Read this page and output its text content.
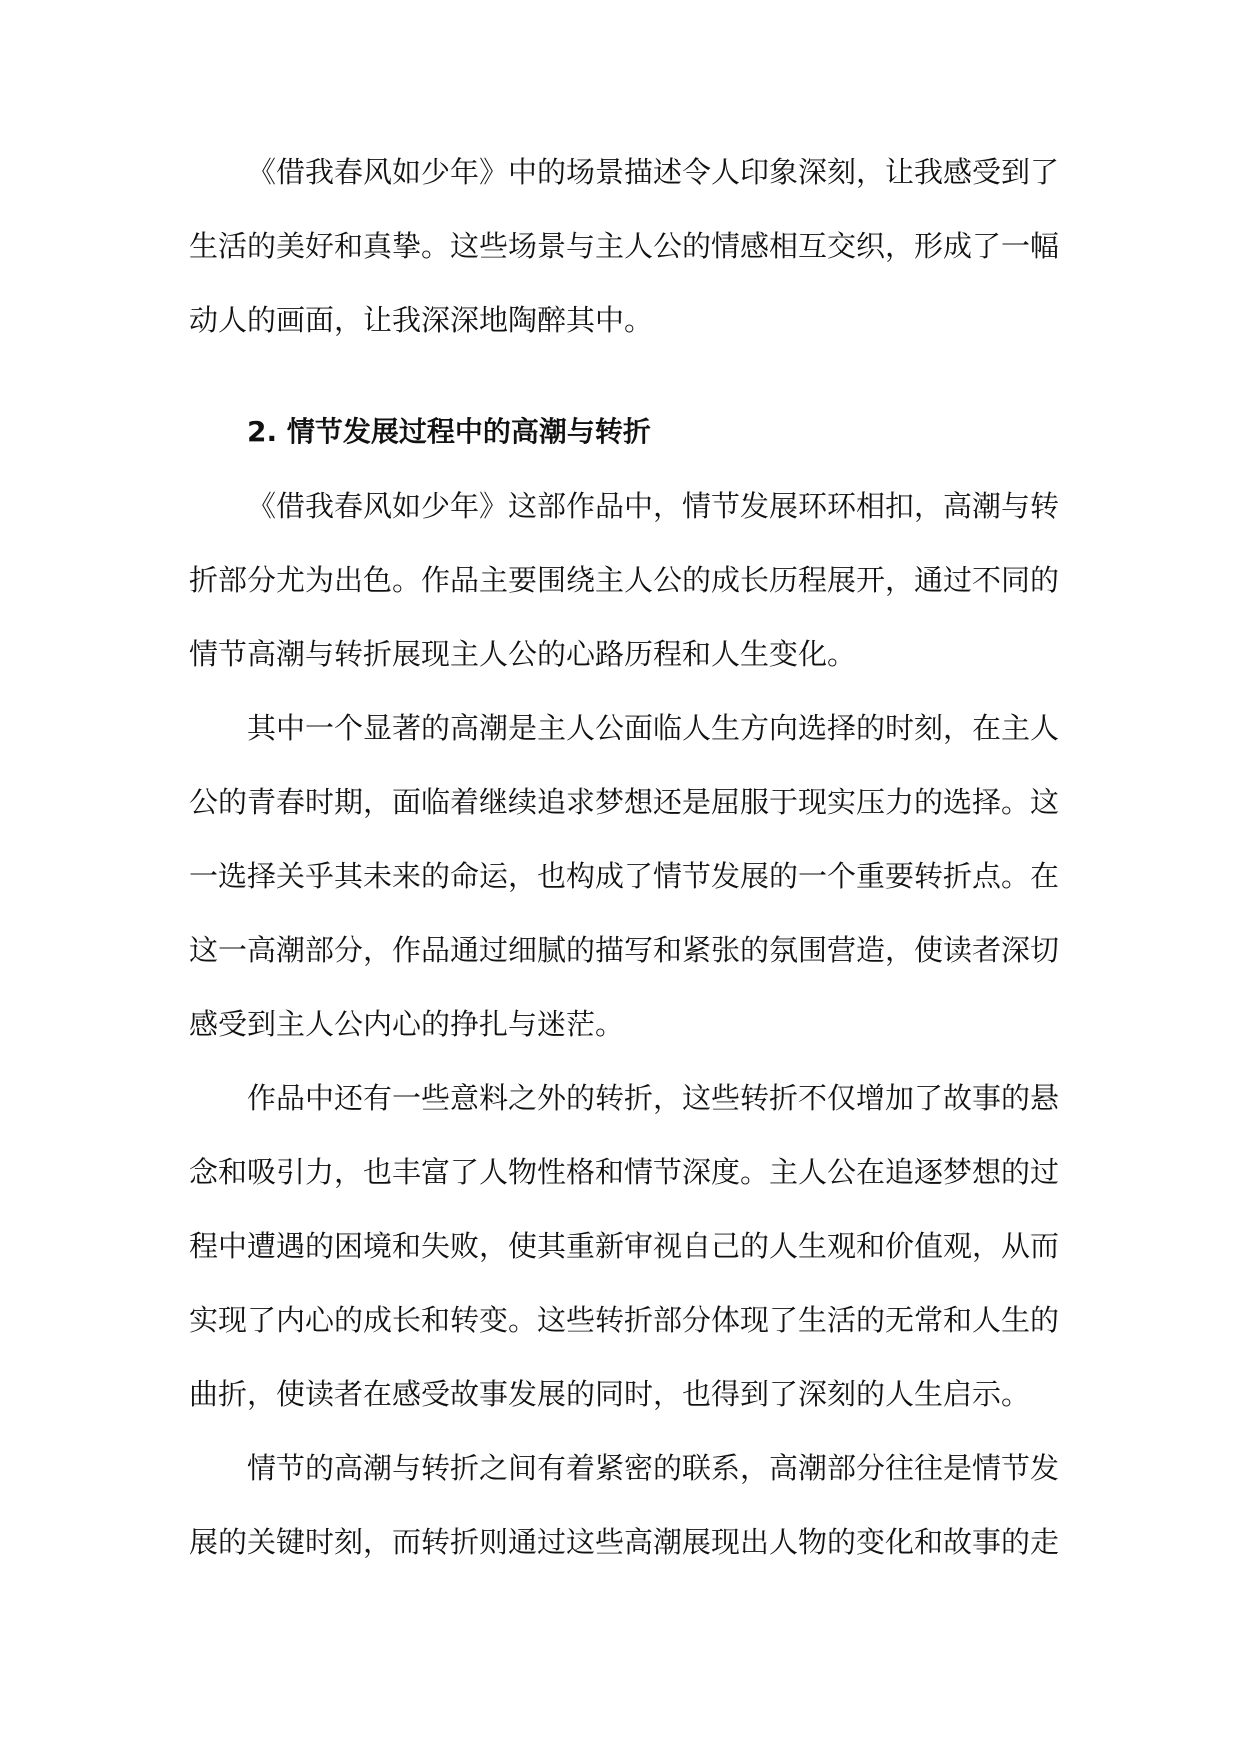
《借我春风如少年》中的场景描述令人印象深刻，让我感受到了
生活的美好和真挚。这些场景与主人公的情感相互交织，形成了一幅
动人的画面，让我深深地陶醉其中。
2. 情节发展过程中的高潮与转折
《借我春风如少年》这部作品中，情节发展环环相扣，高潮与转
折部分尤为出色。作品主要围绕主人公的成长历程展开，通过不同的
情节高潮与转折展现主人公的心路历程和人生变化。
其中一个显著的高潮是主人公面临人生方向选择的时刻，在主人
公的青春时期，面临着继续追求梦想还是屈服于现实压力的选择。这
一选择关乎其未来的命运，也构成了情节发展的一个重要转折点。在
这一高潮部分，作品通过细腻的描写和紧张的氛围营造，使读者深切
感受到主人公内心的挣扎与迷茫。
作品中还有一些意料之外的转折，这些转折不仅增加了故事的悬
念和吸引力，也丰富了人物性格和情节深度。主人公在追逐梦想的过
程中遭遇的困境和失败，使其重新审视自己的人生观和价值观，从而
实现了内心的成长和转变。这些转折部分体现了生活的无常和人生的
曲折，使读者在感受故事发展的同时，也得到了深刻的人生启示。
情节的高潮与转折之间有着紧密的联系，高潮部分往往是情节发
展的关键时刻，而转折则通过这些高潮展现出人物的变化和故事的走
